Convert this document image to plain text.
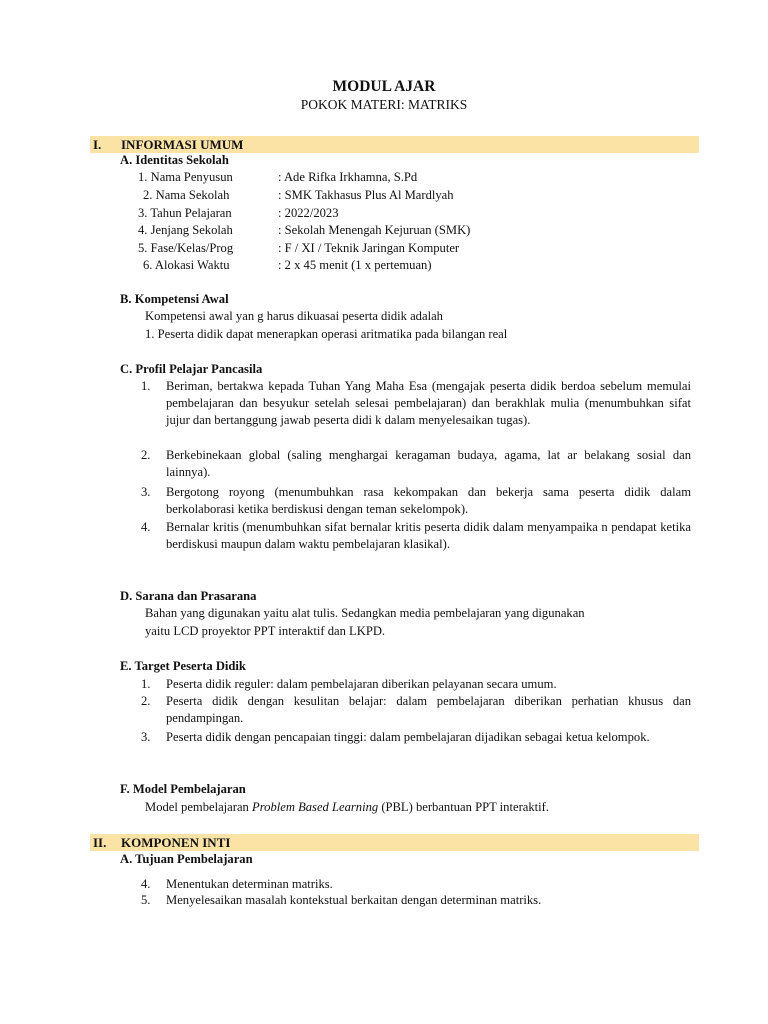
MODUL AJAR
POKOK MATERI: MATRIKS
I. INFORMASI UMUM
A. Identitas Sekolah
1. Nama Penyusun	: Ade Rifka Irkhamna, S.Pd
2. Nama Sekolah	: SMK Takhasus Plus Al Mardlyah
3. Tahun Pelajaran	: 2022/2023
4. Jenjang Sekolah	: Sekolah Menengah Kejuruan (SMK)
5. Fase/Kelas/Prog	: F / XI / Teknik Jaringan Komputer
6. Alokasi Waktu	: 2 x 45 menit (1 x pertemuan)
B. Kompetensi Awal
Kompetensi awal yan g harus dikuasai peserta didik adalah
1. Peserta didik dapat menerapkan operasi aritmatika pada bilangan real
C. Profil Pelajar Pancasila
1. Beriman, bertakwa kepada Tuhan Yang Maha Esa (mengajak peserta didik berdoa sebelum memulai pembelajaran dan besyukur setelah selesai pembelajaran) dan berakhlak mulia (menumbuhkan sifat jujur dan bertanggung jawab peserta didi k dalam menyelesaikan tugas).
2. Berkebinekaan global (saling menghargai keragaman budaya, agama, lat ar belakang sosial dan lainnya).
3. Bergotong royong (menumbuhkan rasa kekompakan dan bekerja sama peserta didik dalam berkolaborasi ketika berdiskusi dengan teman sekelompok).
4. Bernalar kritis (menumbuhkan sifat bernalar kritis peserta didik dalam menyampaika n pendapat ketika berdiskusi maupun dalam waktu pembelajaran klasikal).
D. Sarana dan Prasarana
Bahan yang digunakan yaitu alat tulis. Sedangkan media pembelajaran yang digunakan
yaitu LCD proyektor PPT interaktif dan LKPD.
E. Target Peserta Didik
1. Peserta didik reguler: dalam pembelajaran diberikan pelayanan secara umum.
2. Peserta didik dengan kesulitan belajar: dalam pembelajaran diberikan perhatian khusus dan pendampingan.
3. Peserta didik dengan pencapaian tinggi: dalam pembelajaran dijadikan sebagai ketua kelompok.
F. Model Pembelajaran
Model pembelajaran Problem Based Learning (PBL) berbantuan PPT interaktif.
II. KOMPONEN INTI
A. Tujuan Pembelajaran
4. Menentukan determinan matriks.
5. Menyelesaikan masalah kontekstual berkaitan dengan determinan matriks.
